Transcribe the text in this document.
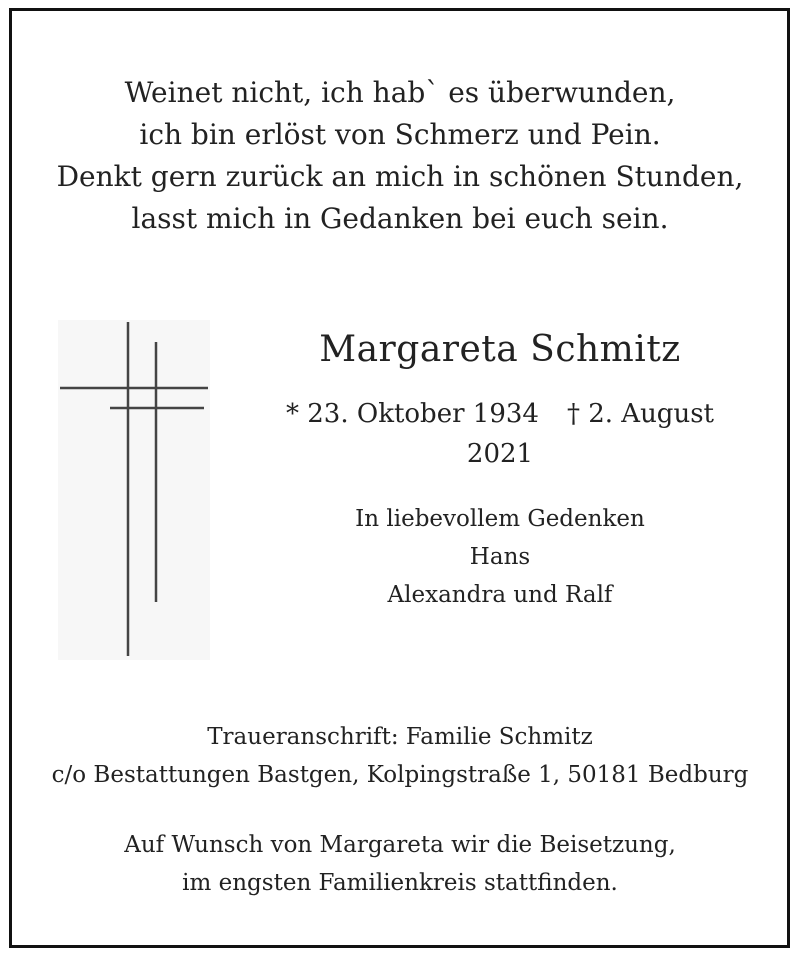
Weinet nicht, ich hab` es überwunden,
ich bin erlöst von Schmerz und Pein.
Denkt gern zurück an mich in schönen Stunden,
lasst mich in Gedanken bei euch sein.
Margareta Schmitz
* 23. Oktober 1934 † 2. August 2021
In liebevollem Gedenken
Hans
Alexandra und Ralf
Traueranschrift: Familie Schmitz
c/o Bestattungen Bastgen, Kolpingstraße 1, 50181 Bedburg
Auf Wunsch von Margareta wir die Beisetzung,
im engsten Familienkreis stattfinden.
